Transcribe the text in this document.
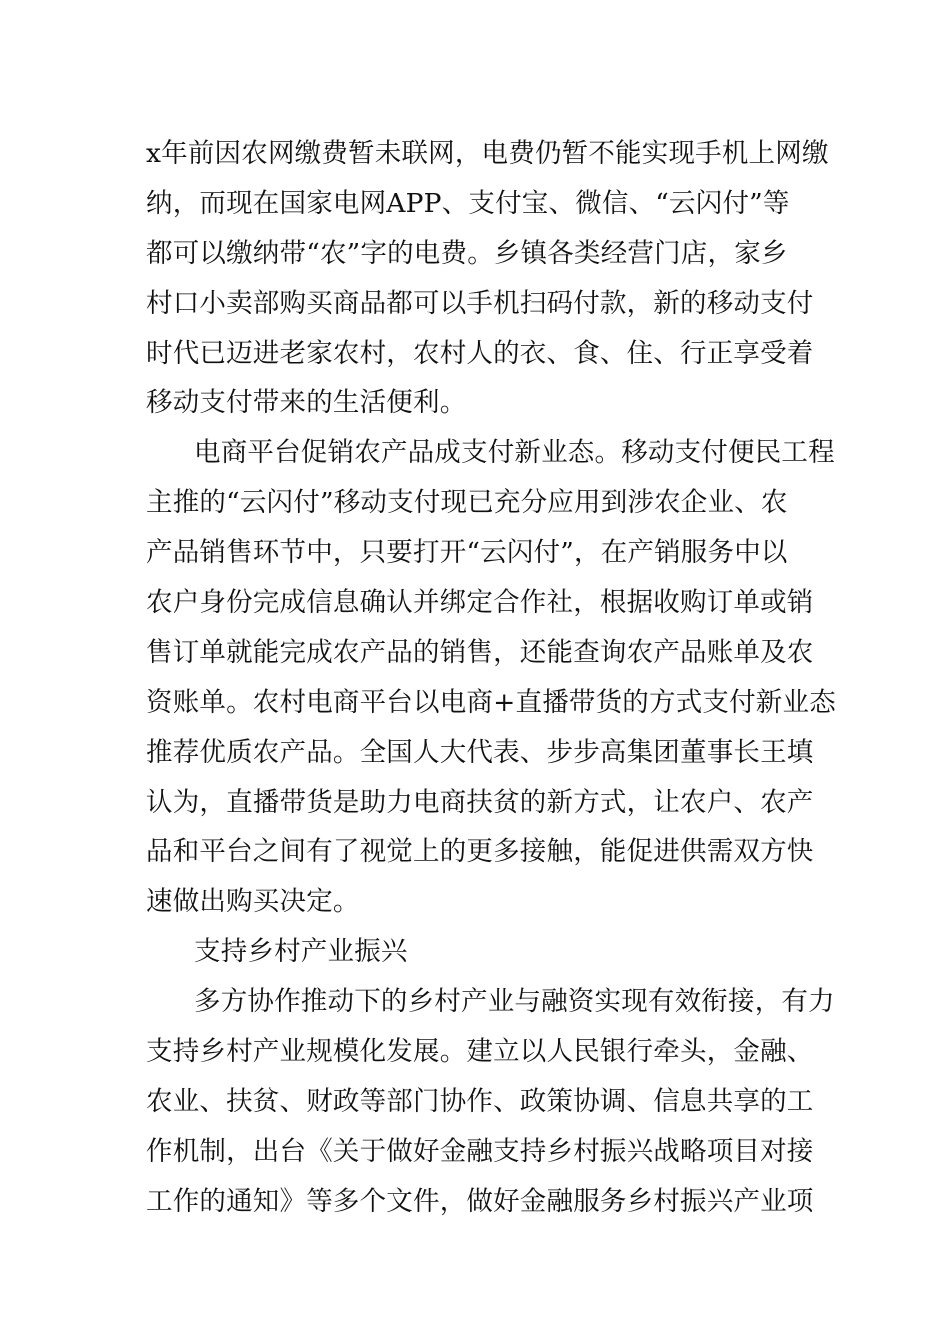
x年前因农网缴费暂未联网，电费仍暂不能实现手机上网缴
纳，而现在国家电网APP、支付宝、微信、“云闪付”等
都可以缴纳带“农”字的电费。乡镇各类经营门店，家乡
村口小卖部购买商品都可以手机扫码付款，新的移动支付
时代已迈进老家农村，农村人的衣、食、住、行正享受着
移动支付带来的生活便利。
电商平台促销农产品成支付新业态。移动支付便民工程
主推的“云闪付”移动支付现已充分应用到涉农企业、农
产品销售环节中，只要打开“云闪付”，在产销服务中以
农户身份完成信息确认并绑定合作社，根据收购订单或销
售订单就能完成农产品的销售，还能查询农产品账单及农
资账单。农村电商平台以电商+直播带货的方式支付新业态
推荐优质农产品。全国人大代表、步步高集团董事长王填
认为，直播带货是助力电商扶贫的新方式，让农户、农产
品和平台之间有了视觉上的更多接触，能促进供需双方快
速做出购买决定。
支持乡村产业振兴
多方协作推动下的乡村产业与融资实现有效衔接，有力
支持乡村产业规模化发展。建立以人民银行牵头，金融、
农业、扶贫、财政等部门协作、政策协调、信息共享的工
作机制，出台《关于做好金融支持乡村振兴战略项目对接
工作的通知》等多个文件，做好金融服务乡村振兴产业项
